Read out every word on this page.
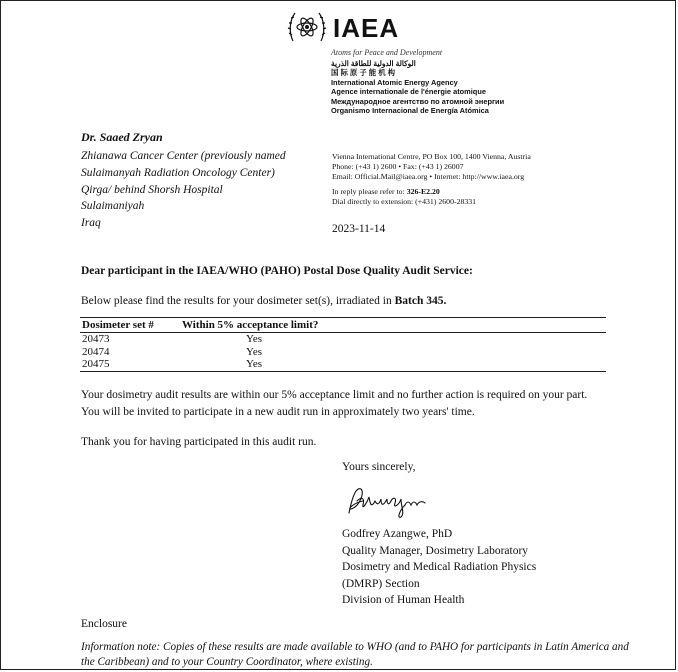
IAEA
Atoms for Peace and Development
الوكالة الدولية للطاقة الذرية
国 际 原 子 能 机 构
International Atomic Energy Agency
Agence internationale de l'énergie atomique
Международное агентство по атомной энергии
Organismo Internacional de Energía Atómica
Dr. Saaed Zryan
Zhianawa Cancer Center (previously named
Sulaimanyah Radiation Oncology Center)
Qirga/ behind Shorsh Hospital
Sulaimaniyah
Iraq
Vienna International Centre, PO Box 100, 1400 Vienna, Austria
Phone: (+43 1) 2600 • Fax: (+43 1) 26007
Email: Official.Mail@iaea.org • Internet: http://www.iaea.org
In reply please refer to: 326-E2.20
Dial directly to extension: (+431) 2600-28331
2023-11-14
Dear participant in the IAEA/WHO (PAHO) Postal Dose Quality Audit Service:
Below please find the results for your dosimeter set(s), irradiated in Batch 345.
Dosimeter set #	Within 5% acceptance limit?
20473	Yes
20474	Yes
20475	Yes
Your dosimetry audit results are within our 5% acceptance limit and no further action is required on your part.
You will be invited to participate in a new audit run in approximately two years' time.
Thank you for having participated in this audit run.
Yours sincerely,
Godfrey Azangwe, PhD
Quality Manager, Dosimetry Laboratory
Dosimetry and Medical Radiation Physics
(DMRP) Section
Division of Human Health
Enclosure
Information note: Copies of these results are made available to WHO (and to PAHO for participants in Latin America and the Caribbean) and to your Country Coordinator, where existing.
